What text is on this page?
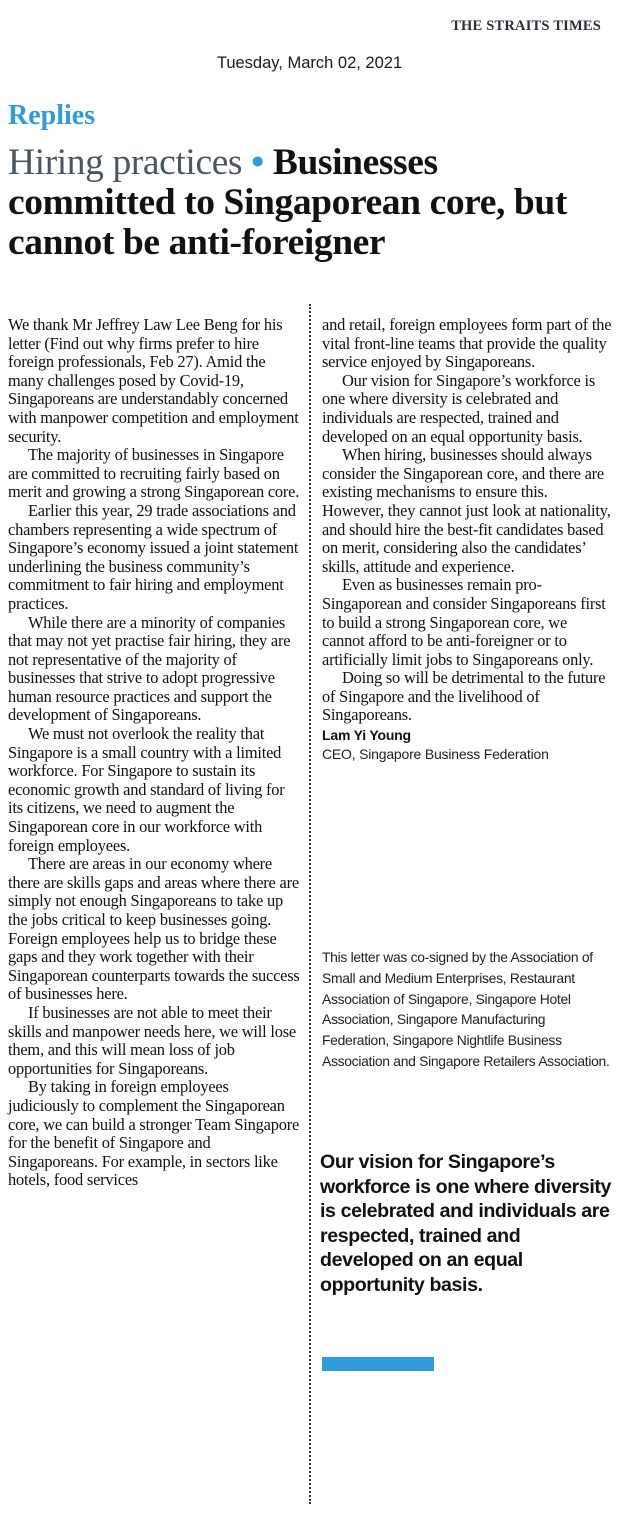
THE STRAITS TIMES
Tuesday, March 02, 2021
Replies
Hiring practices • Businesses committed to Singaporean core, but cannot be anti-foreigner

We thank Mr Jeffrey Law Lee Beng for his letter (Find out why firms prefer to hire foreign professionals, Feb 27). Amid the many challenges posed by Covid-19, Singaporeans are understandably concerned with manpower competition and employment security.

The majority of businesses in Singapore are committed to recruiting fairly based on merit and growing a strong Singaporean core.

Earlier this year, 29 trade associations and chambers representing a wide spectrum of Singapore’s economy issued a joint statement underlining the business community’s commitment to fair hiring and employment practices.

While there are a minority of companies that may not yet practise fair hiring, they are not representative of the majority of businesses that strive to adopt progressive human resource practices and support the development of Singaporeans.

We must not overlook the reality that Singapore is a small country with a limited workforce. For Singapore to sustain its economic growth and standard of living for its citizens, we need to augment the Singaporean core in our workforce with foreign employees.

There are areas in our economy where there are skills gaps and areas where there are simply not enough Singaporeans to take up the jobs critical to keep businesses going. Foreign employees help us to bridge these gaps and they work together with their Singaporean counterparts towards the success of businesses here.

If businesses are not able to meet their skills and manpower needs here, we will lose them, and this will mean loss of job opportunities for Singaporeans.

By taking in foreign employees judiciously to complement the Singaporean core, we can build a stronger Team Singapore for the benefit of Singapore and Singaporeans. For example, in sectors like hotels, food services

and retail, foreign employees form part of the vital front-line teams that provide the quality service enjoyed by Singaporeans.

Our vision for Singapore’s workforce is one where diversity is celebrated and individuals are respected, trained and developed on an equal opportunity basis.

When hiring, businesses should always consider the Singaporean core, and there are existing mechanisms to ensure this. However, they cannot just look at nationality, and should hire the best-fit candidates based on merit, considering also the candidates’ skills, attitude and experience.

Even as businesses remain pro-Singaporean and consider Singaporeans first to build a strong Singaporean core, we cannot afford to be anti-foreigner or to artificially limit jobs to Singaporeans only.

Doing so will be detrimental to the future of Singapore and the livelihood of Singaporeans.

Lam Yi Young
CEO, Singapore Business Federation
This letter was co-signed by the Association of Small and Medium Enterprises, Restaurant Association of Singapore, Singapore Hotel Association, Singapore Manufacturing Federation, Singapore Nightlife Business Association and Singapore Retailers Association.
Our vision for Singapore’s workforce is one where diversity is celebrated and individuals are respected, trained and developed on an equal opportunity basis.
